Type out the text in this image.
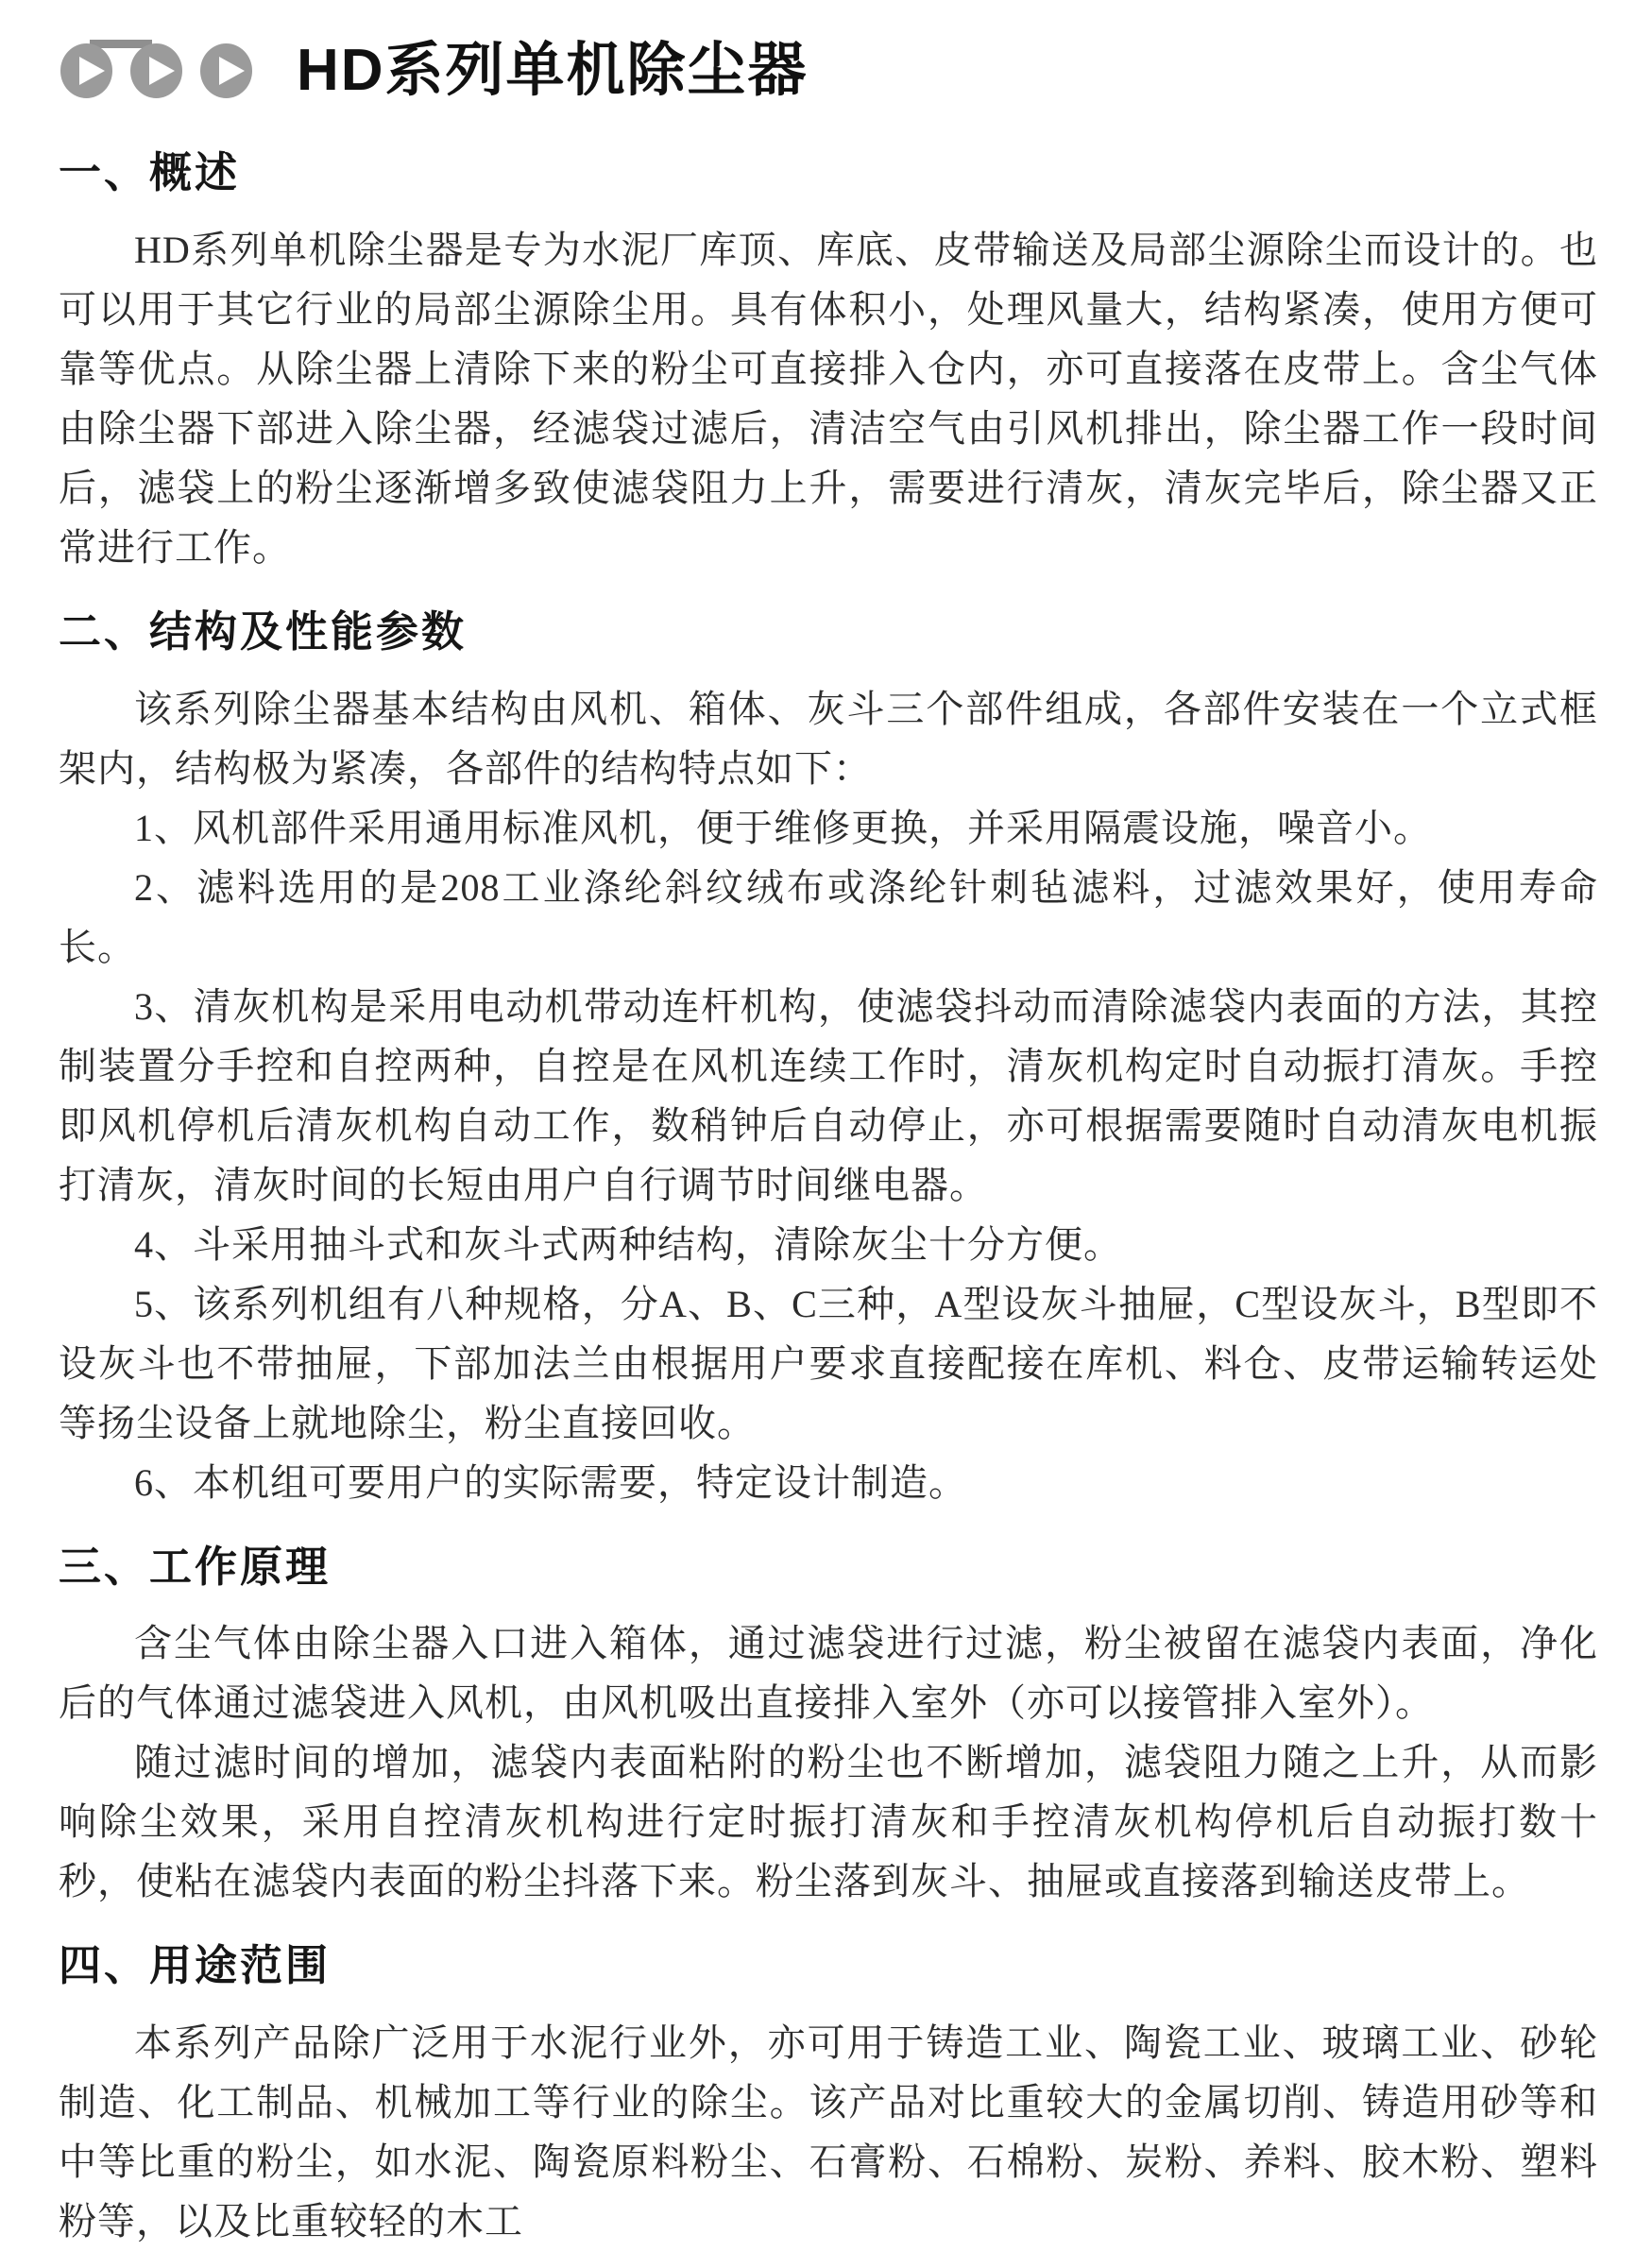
HD系列单机除尘器
一、概述

HD系列单机除尘器是专为水泥厂库顶、库底、皮带输送及局部尘源除尘而设计的。也可以用于其它行业的局部尘源除尘用。具有体积小，处理风量大，结构紧凑，使用方便可靠等优点。从除尘器上清除下来的粉尘可直接排入仓内，亦可直接落在皮带上。含尘气体由除尘器下部进入除尘器，经滤袋过滤后，清洁空气由引风机排出，除尘器工作一段时间后，滤袋上的粉尘逐渐增多致使滤袋阻力上升，需要进行清灰，清灰完毕后，除尘器又正常进行工作。

二、结构及性能参数

该系列除尘器基本结构由风机、箱体、灰斗三个部件组成，各部件安装在一个立式框架内，结构极为紧凑，各部件的结构特点如下：

1、风机部件采用通用标准风机，便于维修更换，并采用隔震设施，噪音小。

2、滤料选用的是208工业涤纶斜纹绒布或涤纶针刺毡滤料，过滤效果好，使用寿命长。

3、清灰机构是采用电动机带动连杆机构，使滤袋抖动而清除滤袋内表面的方法，其控制装置分手控和自控两种，自控是在风机连续工作时，清灰机构定时自动振打清灰。手控即风机停机后清灰机构自动工作，数稍钟后自动停止，亦可根据需要随时自动清灰电机振打清灰，清灰时间的长短由用户自行调节时间继电器。

4、斗采用抽斗式和灰斗式两种结构，清除灰尘十分方便。

5、该系列机组有八种规格，分A、B、C三种，A型设灰斗抽屉，C型设灰斗，B型即不设灰斗也不带抽屉，下部加法兰由根据用户要求直接配接在库机、料仓、皮带运输转运处等扬尘设备上就地除尘，粉尘直接回收。

6、本机组可要用户的实际需要，特定设计制造。

三、工作原理

含尘气体由除尘器入口进入箱体，通过滤袋进行过滤，粉尘被留在滤袋内表面，净化后的气体通过滤袋进入风机，由风机吸出直接排入室外（亦可以接管排入室外）。

随过滤时间的增加，滤袋内表面粘附的粉尘也不断增加，滤袋阻力随之上升，从而影响除尘效果，采用自控清灰机构进行定时振打清灰和手控清灰机构停机后自动振打数十秒，使粘在滤袋内表面的粉尘抖落下来。粉尘落到灰斗、抽屉或直接落到输送皮带上。

四、用途范围

本系列产品除广泛用于水泥行业外，亦可用于铸造工业、陶瓷工业、玻璃工业、砂轮制造、化工制品、机械加工等行业的除尘。该产品对比重较大的金属切削、铸造用砂等和中等比重的粉尘，如水泥、陶瓷原料粉尘、石膏粉、石棉粉、炭粉、养料、胶木粉、塑料粉等，以及比重较轻的木工
